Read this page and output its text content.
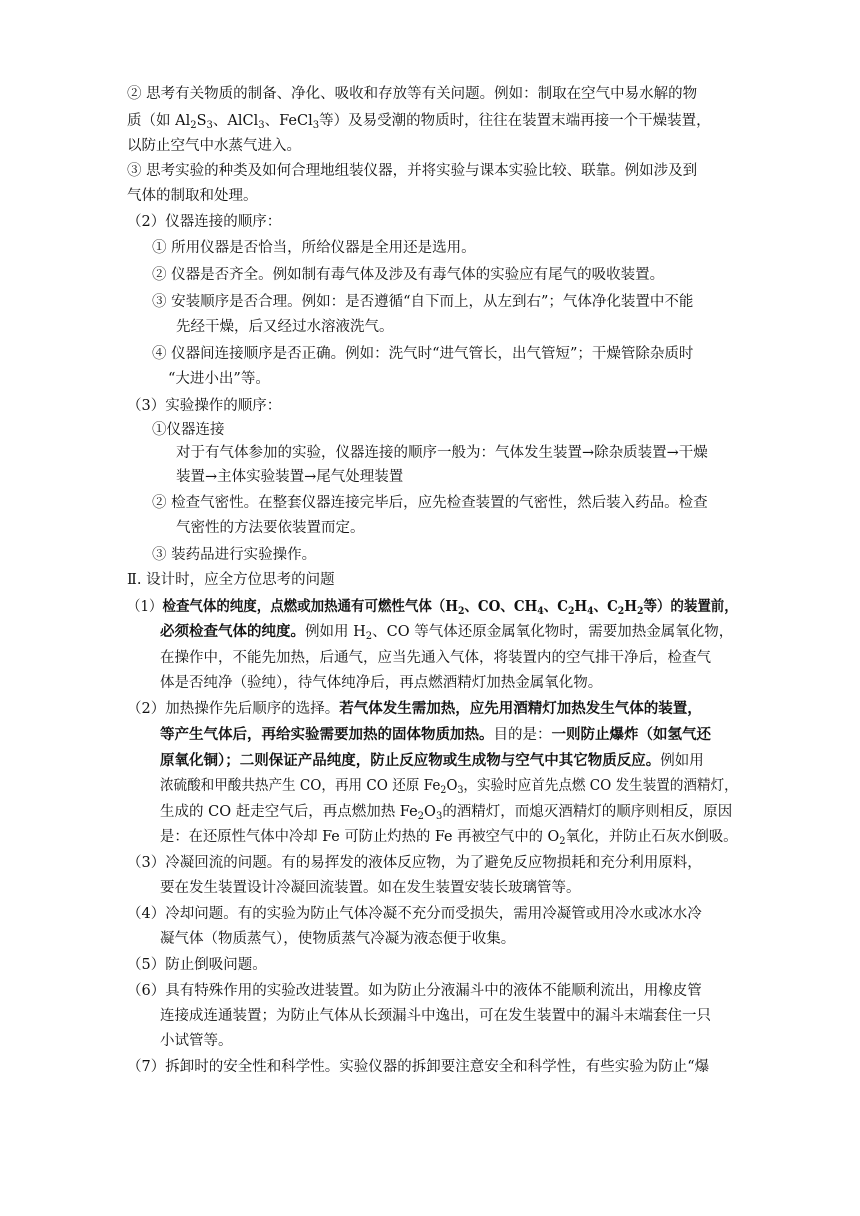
② 思考有关物质的制备、净化、吸收和存放等有关问题。例如：制取在空气中易水解的物
质（如 $Al_2S_3$、AlCl$_3$、FeCl$_3$等）及易受潮的物质时，往往在装置末端再接一个干燥装置，
以防止空气中水蒸气进入。
③ 思考实验的种类及如何合理地组装仪器，并将实验与课本实验比较、联靠。例如涉及到
气体的制取和处理。
（2）仪器连接的顺序：
① 所用仪器是否恰当，所给仪器是全用还是选用。
② 仪器是否齐全。例如制有毒气体及涉及有毒气体的实验应有尾气的吸收装置。
③ 安装顺序是否合理。例如：是否遵循“自下而上，从左到右”；气体净化装置中不能
先经干燥，后又经过水溶液洗气。
④ 仪器间连接顺序是否正确。例如：洗气时“进气管长，出气管短”；干燥管除杂质时
“大进小出”等。
（3）实验操作的顺序：
①仪器连接
对于有气体参加的实验，仪器连接的顺序一般为：气体发生装置→除杂质装置→干燥
装置→主体实验装置→尾气处理装置
② 检查气密性。在整套仪器连接完毕后，应先检查装置的气密性，然后装入药品。检查
气密性的方法要依装置而定。
③ 装药品进行实验操作。
Ⅱ. 设计时，应全方位思考的问题
（1）检查气体的纯度，点燃或加热通有可燃性气体（$H_2$、CO、$CH_4$、$C_2H_4$、$C_2H_2$等）的装置前，
必须检查气体的纯度。例如用 $H_2$、CO 等气体还原金属氧化物时，需要加热金属氧化物，
在操作中，不能先加热，后通气，应当先通入气体，将装置内的空气排干净后，检查气
体是否纯净（验纯），待气体纯净后，再点燃酒精灯加热金属氧化物。
（2）加热操作先后顺序的选择。若气体发生需加热，应先用酒精灯加热发生气体的装置，
等产生气体后，再给实验需要加热的固体物质加热。目的是：一则防止爆炸（如氢气还
原氧化铜）；二则保证产品纯度，防止反应物或生成物与空气中其它物质反应。例如用
浓硫酸和甲酸共热产生 CO，再用 CO 还原 $Fe_2O_3$，实验时应首先点燃 CO 发生装置的酒精灯，
生成的 CO 赶走空气后，再点燃加热 $Fe_2O_3$的酒精灯，而熄灭酒精灯的顺序则相反，原因
是：在还原性气体中冷却 Fe 可防止灼热的 Fe 再被空气中的 $O_2$氧化，并防止石灰水倒吸。
（3）冷凝回流的问题。有的易挥发的液体反应物，为了避免反应物损耗和充分利用原料，
要在发生装置设计冷凝回流装置。如在发生装置安装长玻璃管等。
（4）冷却问题。有的实验为防止气体冷凝不充分而受损失，需用冷凝管或用冷水或冰水冷
凝气体（物质蒸气），使物质蒸气冷凝为液态便于收集。
（5）防止倒吸问题。
（6）具有特殊作用的实验改进装置。如为防止分液漏斗中的液体不能顺利流出，用橡皮管
连接成连通装置；为防止气体从长颈漏斗中逸出，可在发生装置中的漏斗末端套住一只
小试管等。
（7）拆卸时的安全性和科学性。实验仪器的拆卸要注意安全和科学性，有些实验为防止“爆
